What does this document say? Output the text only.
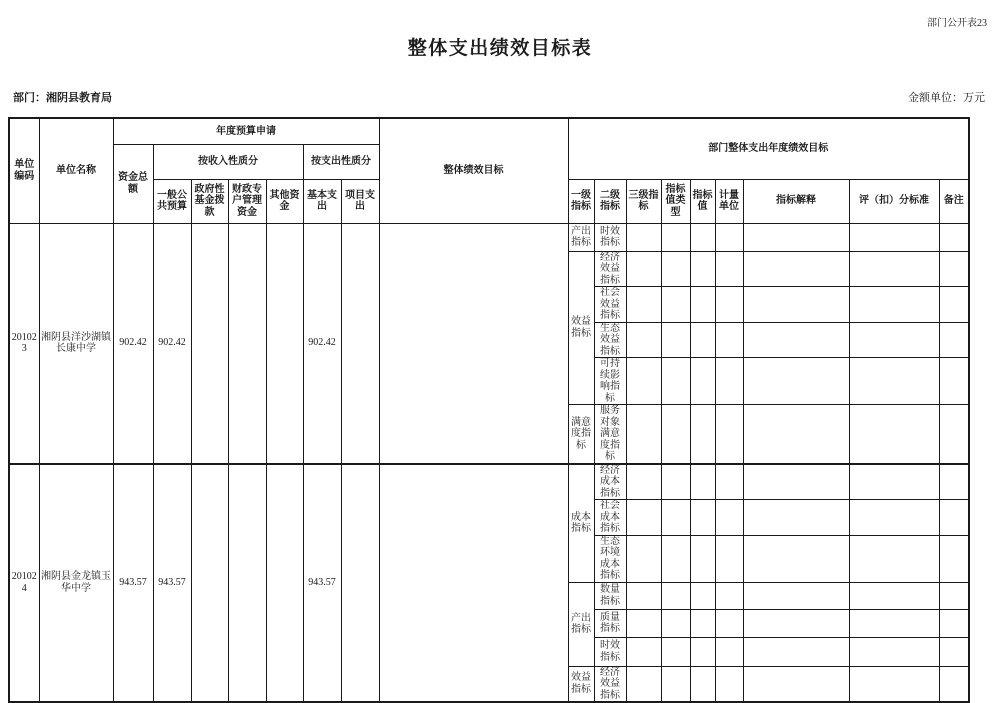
部门公开表23
整体支出绩效目标表
部门：湘阴县教育局	金额单位：万元
单位编码	单位名称	年度预算申请							整体绩效目标	部门整体支出年度绩效目标								
		资金总额	按收入性质分				按支出性质分											
			一般公共预算	政府性基金拨款	财政专户管理资金	其他资金	基本支出	项目支出		一级指标	二级指标	三级指标	指标值类型	指标值	计量单位	指标解释	评（扣）分标准	备注
201023	湘阴县洋沙湖镇长康中学	902.42	902.42				902.42			产出指标	时效指标							
										效益指标	经济效益指标							
											社会效益指标							
											生态效益指标							
											可持续影响指标							
										满意度指标	服务对象满意度指标							
201024	湘阴县金龙镇玉华中学	943.57	943.57				943.57			成本指标	经济成本指标							
											社会成本指标							
											生态环境成本指标							
										产出指标	数量指标							
											质量指标							
											时效指标							
										效益指标	经济效益指标							
